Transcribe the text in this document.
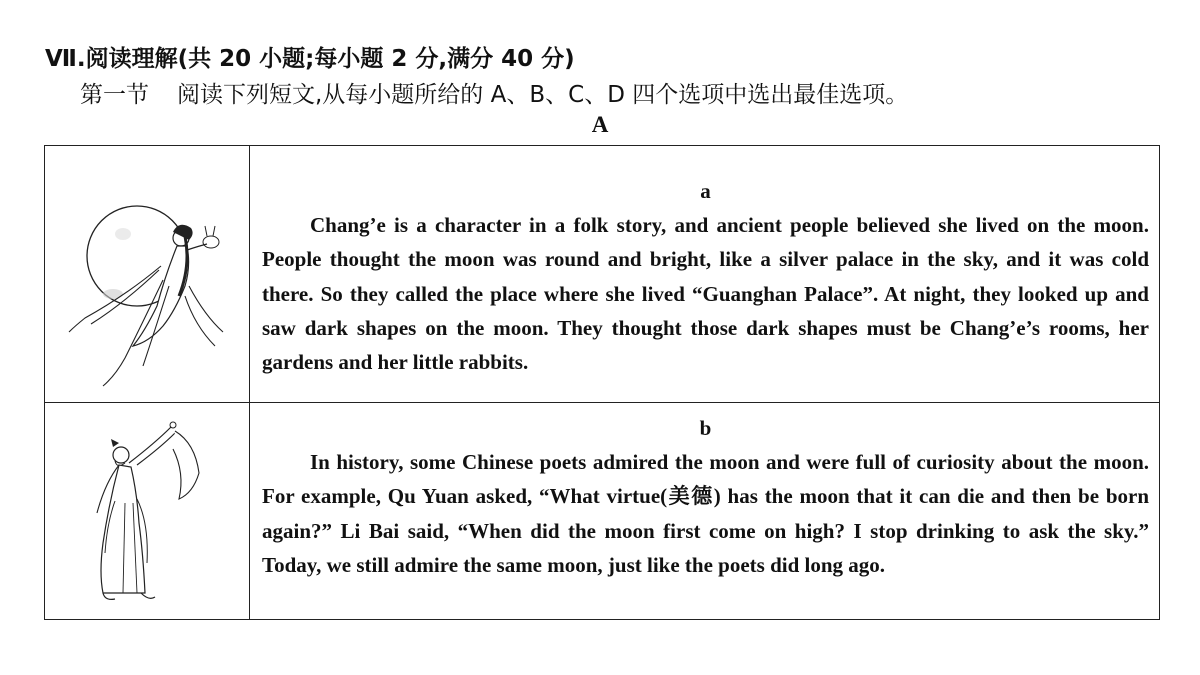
Ⅶ.阅读理解(共 20 小题;每小题 2 分,满分 40 分)
第一节 阅读下列短文,从每小题所给的 A、B、C、D 四个选项中选出最佳选项。
A

a
Chang’e is a character in a folk story, and ancient people believed she lived on the moon. People thought the moon was round and bright, like a silver palace in the sky, and it was cold there. So they called the place where she lived “Guanghan Palace”. At night, they looked up and saw dark shapes on the moon. They thought those dark shapes must be Chang’e’s rooms, her gardens and her little rabbits.

b
In history, some Chinese poets admired the moon and were full of curiosity about the moon. For example, Qu Yuan asked, “What virtue(美德) has the moon that it can die and then be born again?” Li Bai said, “When did the moon first come on high? I stop drinking to ask the sky.” Today, we still admire the same moon, just like the poets did long ago.
